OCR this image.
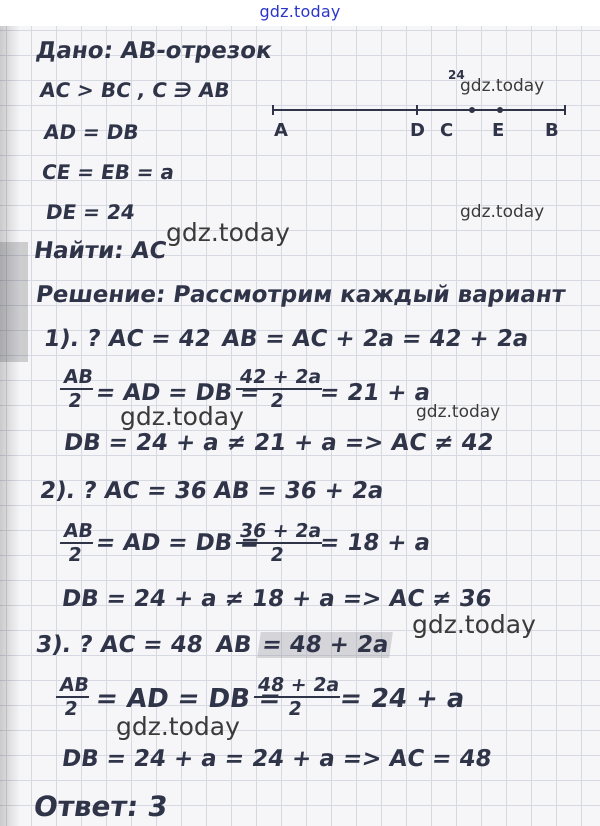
gdz.today
Дано: AB-отрезок
AC > BC , C ∋ AB
AD = DB
CE = EB = a
DE = 24
24
A	D C E B
Найти: AC
Решение: Рассмотрим каждый вариант
1). ? AC = 42 AB = AC + 2a = 42 + 2a
$\frac{AB}{2}$
= AD = DB =
$\frac{42 + 2a}{2}$
= 21 + a
DB = 24 + a ≠ 21 + a => AC ≠ 42
2). ? AC = 36 AB = 36 + 2a
$\frac{AB}{2}$
= AD = DB =
$\frac{36 + 2a}{2}$
= 18 + a
DB = 24 + a ≠ 18 + a => AC ≠ 36
3). ? AC = 48 AB = 48 + 2a
$\frac{AB}{2}$ = AD = DB =
$\frac{48 + 2a}{2}$
= 24 + a
DB = 24 + a = 24 + a => AC = 48
Ответ: 3
gdz.today
gdz.today
gdz.today
gdz.today	gdz.today
gdz.today
gdz.today
